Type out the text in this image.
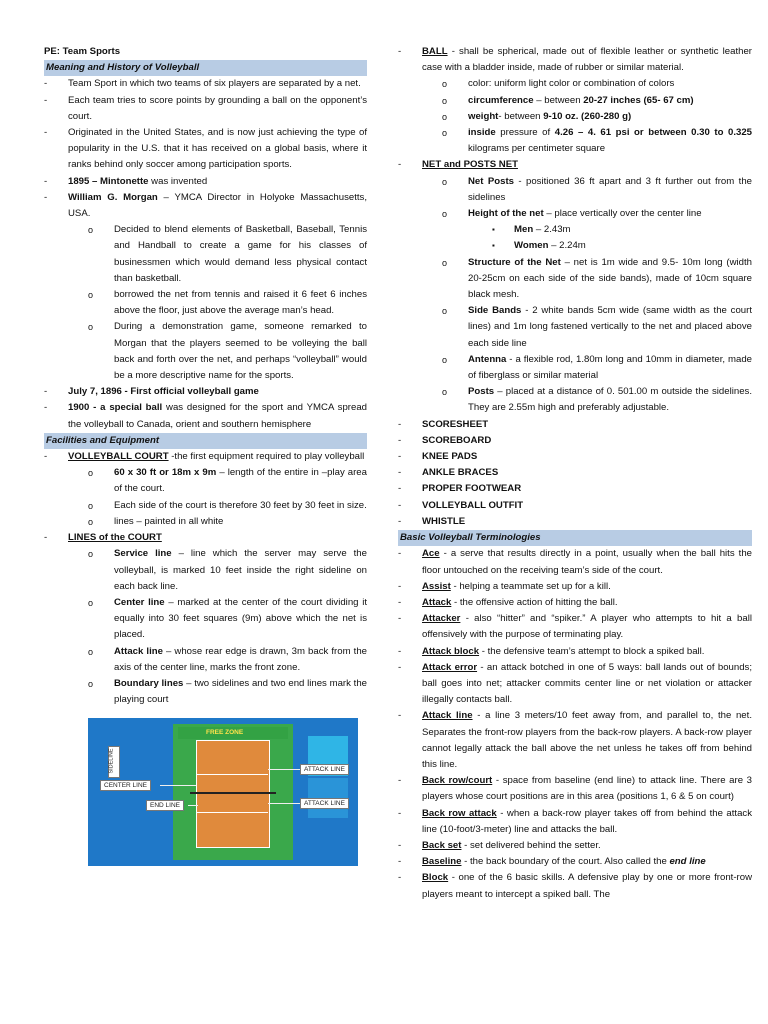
PE: Team Sports

Meaning and History of Volleyball

- Team Sport in which two teams of six players are separated by a net.
- Each team tries to score points by grounding a ball on the opponent’s court.
- Originated in the United States, and is now just achieving the type of popularity in the U.S. that it has received on a global basis, where it ranks behind only soccer among participation sports.
- 1895 – Mintonette was invented
- William G. Morgan – YMCA Director in Holyoke Massachusetts, USA.
o Decided to blend elements of Basketball, Baseball, Tennis and Handball to create a game for his classes of businessmen which would demand less physical contact than basketball.
o borrowed the net from tennis and raised it 6 feet 6 inches above the floor, just above the average man’s head.
o During a demonstration game, someone remarked to Morgan that the players seemed to be volleying the ball back and forth over the net, and perhaps “volleyball” would be a more descriptive name for the sports.
- July 7, 1896 - First official volleyball game
- 1900 - a special ball was designed for the sport and YMCA spread the volleyball to Canada, orient and southern hemisphere

Facilities and Equipment

- VOLLEYBALL COURT -the first equipment required to play volleyball
o 60 x 30 ft or 18m x 9m – length of the entire in –play area of the court.
o Each side of the court is therefore 30 feet by 30 feet in size.
o lines – painted in all white
- LINES of the COURT
o Service line – line which the server may serve the volleyball, is marked 10 feet inside the right sideline on each back line.
o Center line – marked at the center of the court dividing it equally into 30 feet squares (9m) above which the net is placed.
o Attack line – whose rear edge is drawn, 3m back from the axis of the center line, marks the front zone.
o Boundary lines – two sidelines and two end lines mark the playing court
FREE ZONE
SIDELINE
CENTER LINE
END LINE
ATTACK LINE
ATTACK LINE
- BALL - shall be spherical, made out of flexible leather or synthetic leather case with a bladder inside, made of rubber or similar material.
o color: uniform light color or combination of colors
o circumference – between 20-27 inches (65- 67 cm)
o weight- between 9-10 oz. (260-280 g)
o inside pressure of 4.26 – 4. 61 psi or between 0.30 to 0.325 kilograms per centimeter square
- NET and POSTS NET
o Net Posts - positioned 36 ft apart and 3 ft further out from the sidelines
o Height of the net – place vertically over the center line
▪ Men – 2.43m
▪ Women – 2.24m
o Structure of the Net – net is 1m wide and 9.5- 10m long (width 20-25cm on each side of the side bands), made of 10cm square black mesh.
o Side Bands - 2 white bands 5cm wide (same width as the court lines) and 1m long fastened vertically to the net and placed above each side line
o Antenna - a flexible rod, 1.80m long and 10mm in diameter, made of fiberglass or similar material
o Posts – placed at a distance of 0. 501.00 m outside the sidelines. They are 2.55m high and preferably adjustable.
- SCORESHEET
- SCOREBOARD
- KNEE PADS
- ANKLE BRACES
- PROPER FOOTWEAR
- VOLLEYBALL OUTFIT
- WHISTLE

Basic Volleyball Terminologies

- Ace - a serve that results directly in a point, usually when the ball hits the floor untouched on the receiving team’s side of the court.
- Assist - helping a teammate set up for a kill.
- Attack - the offensive action of hitting the ball.
- Attacker - also “hitter” and “spiker.” A player who attempts to hit a ball offensively with the purpose of terminating play.
- Attack block - the defensive team’s attempt to block a spiked ball.
- Attack error - an attack botched in one of 5 ways: ball lands out of bounds; ball goes into net; attacker commits center line or net violation or attacker illegally contacts ball.
- Attack line - a line 3 meters/10 feet away from, and parallel to, the net. Separates the front-row players from the back-row players. A back-row player cannot legally attack the ball above the net unless he takes off from behind this line.
- Back row/court - space from baseline (end line) to attack line. There are 3 players whose court positions are in this area (positions 1, 6 & 5 on court)
- Back row attack - when a back-row player takes off from behind the attack line (10-foot/3-meter) line and attacks the ball.
- Back set - set delivered behind the setter.
- Baseline - the back boundary of the court. Also called the end line
- Block - one of the 6 basic skills. A defensive play by one or more front-row players meant to intercept a spiked ball. The
